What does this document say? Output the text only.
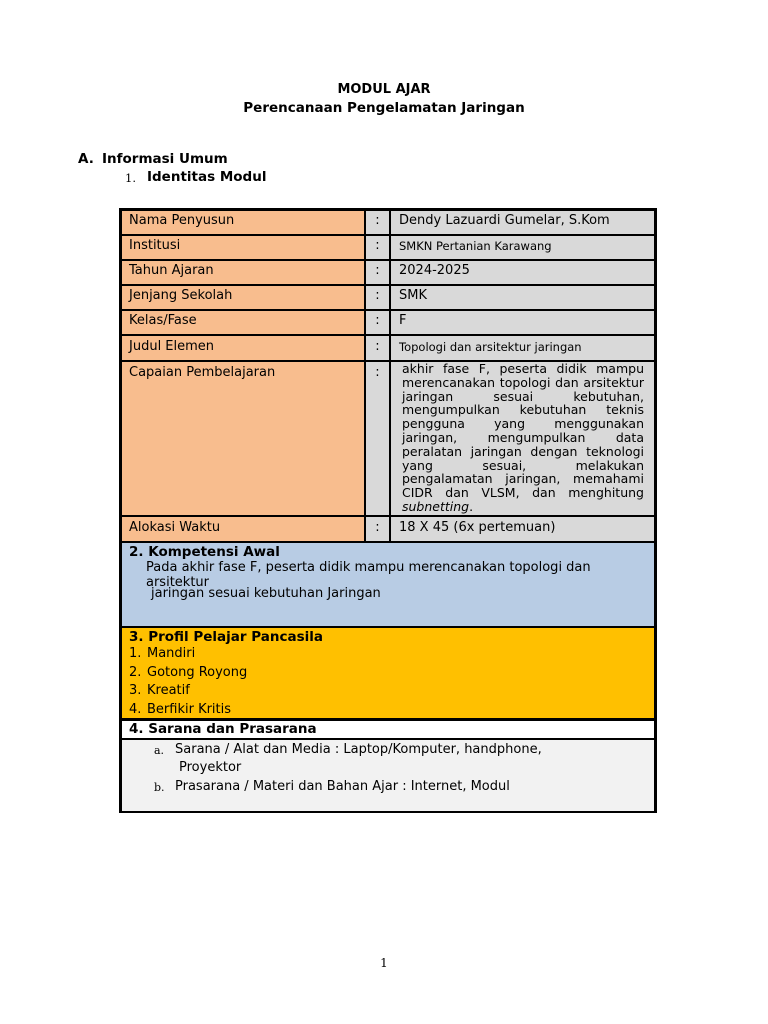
MODUL AJAR
Perencanaan Pengelamatan Jaringan
A. Informasi Umum
1. Identitas Modul
Nama Penyusun	:	Dendy Lazuardi Gumelar, S.Kom
Institusi	:	SMKN Pertanian Karawang
Tahun Ajaran	:	2024-2025
Jenjang Sekolah	:	SMK
Kelas/Fase	:	F
Judul Elemen	:	Topologi dan arsitektur jaringan
Capaian Pembelajaran	:	akhir fase F, peserta didik mampu merencanakan topologi dan arsitektur jaringan sesuai kebutuhan, mengumpulkan kebutuhan teknis pengguna yang menggunakan jaringan, mengumpulkan data peralatan jaringan dengan teknologi yang sesuai, melakukan pengalamatan jaringan, memahami CIDR dan VLSM, dan menghitung subnetting.
Alokasi Waktu	:	18 X 45 (6x pertemuan)
2. Kompetensi Awal
Pada akhir fase F, peserta didik mampu merencanakan topologi dan arsitektur
jaringan sesuai kebutuhan Jaringan
3. Profil Pelajar Pancasila
1. Mandiri
2. Gotong Royong
3. Kreatif
4. Berfikir Kritis
4. Sarana dan Prasarana
a. Sarana / Alat dan Media : Laptop/Komputer, handphone,
Proyektor
b. Prasarana / Materi dan Bahan Ajar : Internet, Modul
1
